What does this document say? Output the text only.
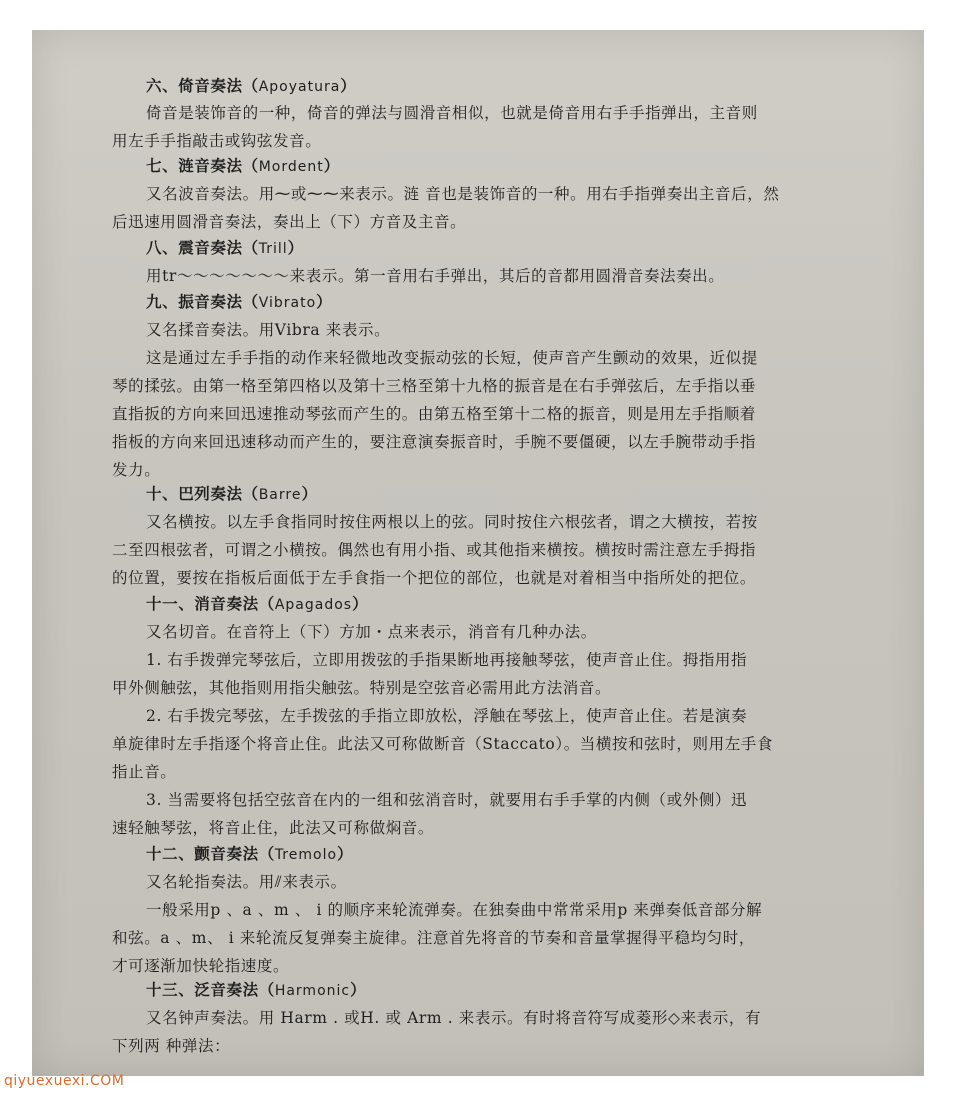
六、倚音奏法（Apoyatura）
倚音是装饰音的一种，倚音的弹法与圆滑音相似，也就是倚音用右手手指弹出，主音则
用左手手指敲击或钩弦发音。
七、涟音奏法（Mordent）
又名波音奏法。用⁓或⁓⁓来表示。涟 音也是装饰音的一种。用右手指弹奏出主音后，然
后迅速用圆滑音奏法，奏出上（下）方音及主音。
八、震音奏法（Trill）
用tr～～～～～～～来表示。第一音用右手弹出，其后的音都用圆滑音奏法奏出。
九、振音奏法（Vibrato）
又名揉音奏法。用Vibra 来表示。
这是通过左手手指的动作来轻微地改变振动弦的长短，使声音产生颤动的效果，近似提
琴的揉弦。由第一格至第四格以及第十三格至第十九格的振音是在右手弹弦后，左手指以垂
直指扳的方向来回迅速推动琴弦而产生的。由第五格至第十二格的振音，则是用左手指顺着
指板的方向来回迅速移动而产生的，要注意演奏振音时，手腕不要僵硬，以左手腕带动手指
发力。
十、巴列奏法（Barre）
又名横按。以左手食指同时按住两根以上的弦。同时按住六根弦者，谓之大横按，若按
二至四根弦者，可谓之小横按。偶然也有用小指、或其他指来横按。横按时需注意左手拇指
的位置，要按在指板后面低于左手食指一个把位的部位，也就是对着相当中指所处的把位。
十一、消音奏法（Apagados）
又名切音。在音符上（下）方加・点来表示，消音有几种办法。
1. 右手拨弹完琴弦后，立即用拨弦的手指果断地再接触琴弦，使声音止住。拇指用指
甲外侧触弦，其他指则用指尖触弦。特别是空弦音必需用此方法消音。
2. 右手拨完琴弦，左手拨弦的手指立即放松，浮触在琴弦上，使声音止住。若是演奏
单旋律时左手指逐个将音止住。此法又可称做断音（Staccato）。当横按和弦时，则用左手食
指止音。
3. 当需要将包括空弦音在内的一组和弦消音时，就要用右手手掌的内侧（或外侧）迅
速轻触琴弦，将音止住，此法又可称做焖音。
十二、颤音奏法（Tremolo）
又名轮指奏法。用⫽来表示。
一般采用p 、a 、m 、 i 的顺序来轮流弹奏。在独奏曲中常常采用p 来弹奏低音部分解
和弦。a 、m、 i 来轮流反复弹奏主旋律。注意首先将音的节奏和音量掌握得平稳均匀时，
才可逐渐加快轮指速度。
十三、泛音奏法（Harmonic）
又名钟声奏法。用 Harm . 或H. 或 Arm . 来表示。有时将音符写成菱形◇来表示，有
下列两 种弹法：
qiyuexuexi.COM
